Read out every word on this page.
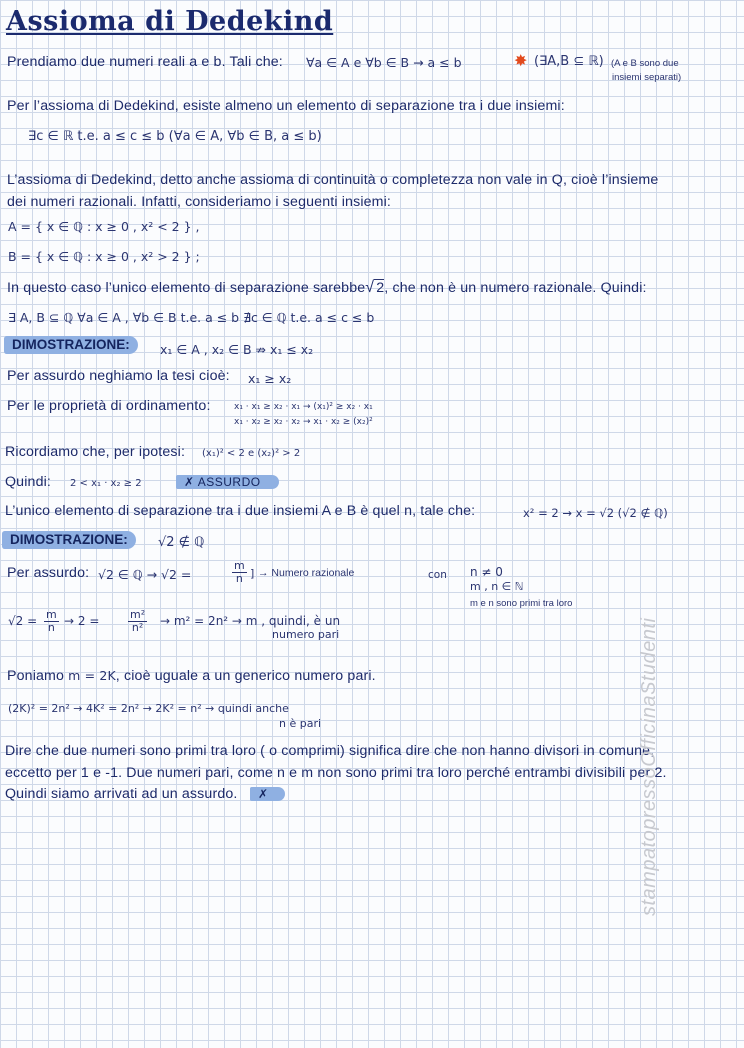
Assioma di Dedekind
Prendiamo due numeri reali a e b. Tali che: ∀a ∈ A e ∀b ∈ B → a ≤ b	✸ (∃A,B ⊆ ℝ) (A e B sono due
insiemi separati)
Per l’assioma di Dedekind, esiste almeno un elemento di separazione tra i due insiemi:
∃c ∈ ℝ t.e. a ≤ c ≤ b (∀a ∈ A, ∀b ∈ B, a ≤ b)
L’assioma di Dedekind, detto anche assioma di continuità o completezza non vale in Q, cioè l’insieme
dei numeri razionali. Infatti, consideriamo i seguenti insiemi:
A = { x ∈ ℚ : x ≥ 0 , x² < 2 } ,
B = { x ∈ ℚ : x ≥ 0 , x² > 2 } ;
In questo caso l’unico elemento di separazione sarebbe√ 2, che non è un numero razionale. Quindi:
∃ A, B ⊆ ℚ ∀a ∈ A , ∀b ∈ B t.e. a ≤ b ∄c ∈ ℚ t.e. a ≤ c ≤ b
DIMOSTRAZIONE:	x₁ ∈ A , x₂ ∈ B ⇏ x₁ ≤ x₂
Per assurdo neghiamo la tesi cioè: x₁ ≥ x₂
Per le proprietà di ordinamento:	x₁ · x₁ ≥ x₂ · x₁ → (x₁)² ≥ x₂ · x₁
x₁ · x₂ ≥ x₂ · x₂ → x₁ · x₂ ≥ (x₂)²
Ricordiamo che, per ipotesi: (x₁)² < 2 e (x₂)² > 2
Quindi: 2 < x₁ · x₂ ≥ 2	✗ ASSURDO
L’unico elemento di separazione tra i due insiemi A e B è quel n, tale che:	x² = 2 → x = √2 (√2 ∉ ℚ)
DIMOSTRAZIONE:	√2 ∉ ℚ
Per assurdo: √2 ∈ ℚ → √2 =	$\frac{m}{n}$ ] → Numero razionale	con n ≠ 0
m , n ∈ ℕ
m e n sono primi tra loro
$√2 = \frac{m}{n} \to 2$ =	$\frac{\text{m²}}{\text{n²}} \to m^2 = 2n^2 \to m$ , quindi, è un
numero pari
Poniamo m = 2K, cioè uguale a un generico numero pari.
(2K)² = 2n² → 4K² = 2n² → 2K² = n² → quindi anche
n è pari
Dire che due numeri sono primi tra loro ( o comprimi) significa dire che non hanno divisori in comune,
eccetto per 1 e -1. Due numeri pari, come n e m non sono primi tra loro perché entrambi divisibili per 2.
Quindi siamo arrivati ad un assurdo.	✗	stampatopressoOfficinaStudenti
